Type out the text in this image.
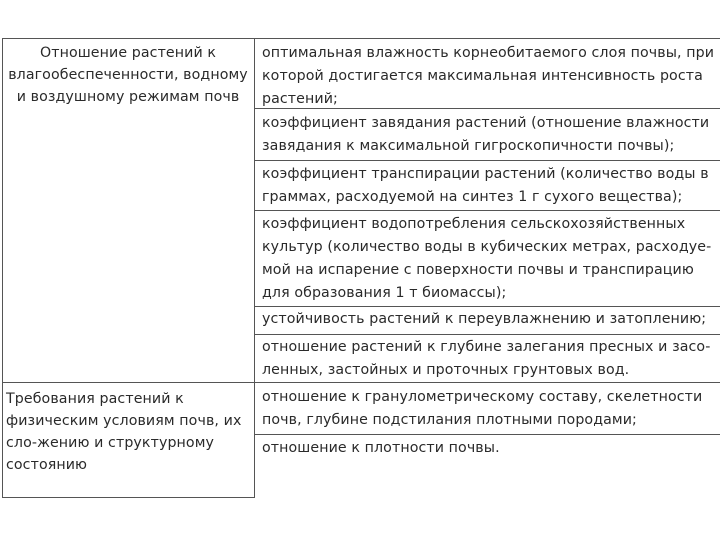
Отношение растений к влагообеспеченности, водному и воздушному режимам почв
Требования растений к физическим условиям почв, их сло-жению и структурному состоянию
оптимальная влажность корнеобитаемого слоя почвы, при которой достигается максимальная интенсивность роста растений;
коэффициент завядания растений (отношение влажности завядания к максимальной гигроскопичности почвы);
коэффициент транспирации растений (количество воды в граммах, расходуемой на синтез 1 г сухого вещества);
коэффициент водопотребления сельскохозяйственных культур (количество воды в кубических метрах, расходуе-мой на испарение с поверхности почвы и транспирацию для образования 1 т биомассы);
устойчивость растений к переувлажнению и затоплению;
отношение растений к глубине залегания пресных и засо-ленных, застойных и проточных грунтовых вод.
отношение к гранулометрическому составу, скелетности почв, глубине подстилания плотными породами;
отношение к плотности почвы.
